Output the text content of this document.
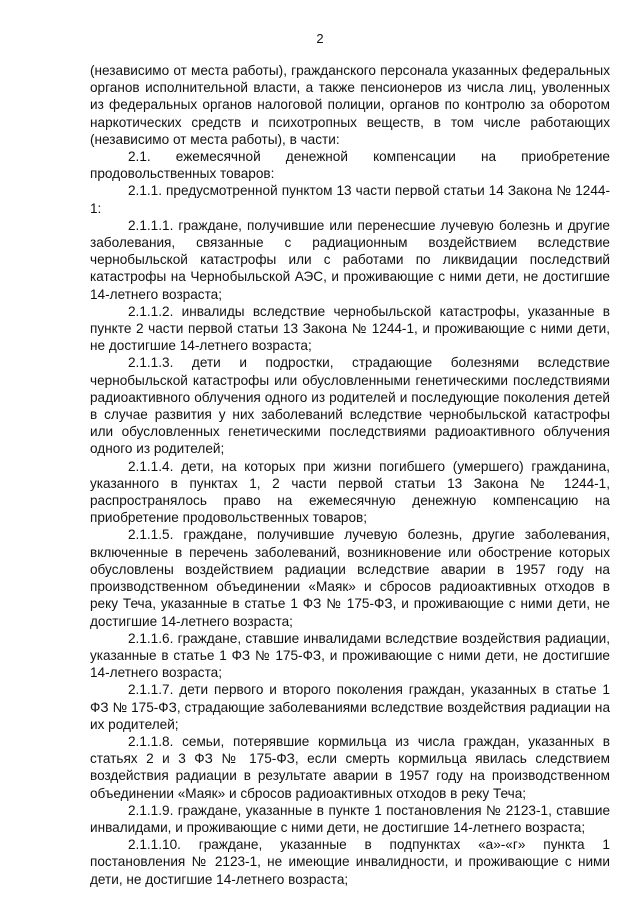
2

(независимо от места работы), гражданского персонала указанных федеральных органов исполнительной власти, а также пенсионеров из числа лиц, уволенных из федеральных органов налоговой полиции, органов по контролю за оборотом наркотических средств и психотропных веществ, в том числе работающих (независимо от места работы), в части:

2.1. ежемесячной денежной компенсации на приобретение продовольственных товаров:

2.1.1. предусмотренной пунктом 13 части первой статьи 14 Закона № 1244-1:

2.1.1.1. граждане, получившие или перенесшие лучевую болезнь и другие заболевания, связанные с радиационным воздействием вследствие чернобыльской катастрофы или с работами по ликвидации последствий катастрофы на Чернобыльской АЭС, и проживающие с ними дети, не достигшие 14-летнего возраста;

2.1.1.2. инвалиды вследствие чернобыльской катастрофы, указанные в пункте 2 части первой статьи 13 Закона № 1244-1, и проживающие с ними дети, не достигшие 14-летнего возраста;

2.1.1.3. дети и подростки, страдающие болезнями вследствие чернобыльской катастрофы или обусловленными генетическими последствиями радиоактивного облучения одного из родителей и последующие поколения детей в случае развития у них заболеваний вследствие чернобыльской катастрофы или обусловленных генетическими последствиями радиоактивного облучения одного из родителей;

2.1.1.4. дети, на которых при жизни погибшего (умершего) гражданина, указанного в пунктах 1, 2 части первой статьи 13 Закона № 1244-1, распространялось право на ежемесячную денежную компенсацию на приобретение продовольственных товаров;

2.1.1.5. граждане, получившие лучевую болезнь, другие заболевания, включенные в перечень заболеваний, возникновение или обострение которых обусловлены воздействием радиации вследствие аварии в 1957 году на производственном объединении «Маяк» и сбросов радиоактивных отходов в реку Теча, указанные в статье 1 ФЗ № 175-ФЗ, и проживающие с ними дети, не достигшие 14-летнего возраста;

2.1.1.6. граждане, ставшие инвалидами вследствие воздействия радиации, указанные в статье 1 ФЗ № 175-ФЗ, и проживающие с ними дети, не достигшие 14-летнего возраста;

2.1.1.7. дети первого и второго поколения граждан, указанных в статье 1 ФЗ № 175-ФЗ, страдающие заболеваниями вследствие воздействия радиации на их родителей;

2.1.1.8. семьи, потерявшие кормильца из числа граждан, указанных в статьях 2 и 3 ФЗ № 175-ФЗ, если смерть кормильца явилась следствием воздействия радиации в результате аварии в 1957 году на производственном объединении «Маяк» и сбросов радиоактивных отходов в реку Теча;

2.1.1.9. граждане, указанные в пункте 1 постановления № 2123-1, ставшие инвалидами, и проживающие с ними дети, не достигшие 14-летнего возраста;

2.1.1.10. граждане, указанные в подпунктах «а»-«г» пункта 1 постановления № 2123-1, не имеющие инвалидности, и проживающие с ними дети, не достигшие 14-летнего возраста;
